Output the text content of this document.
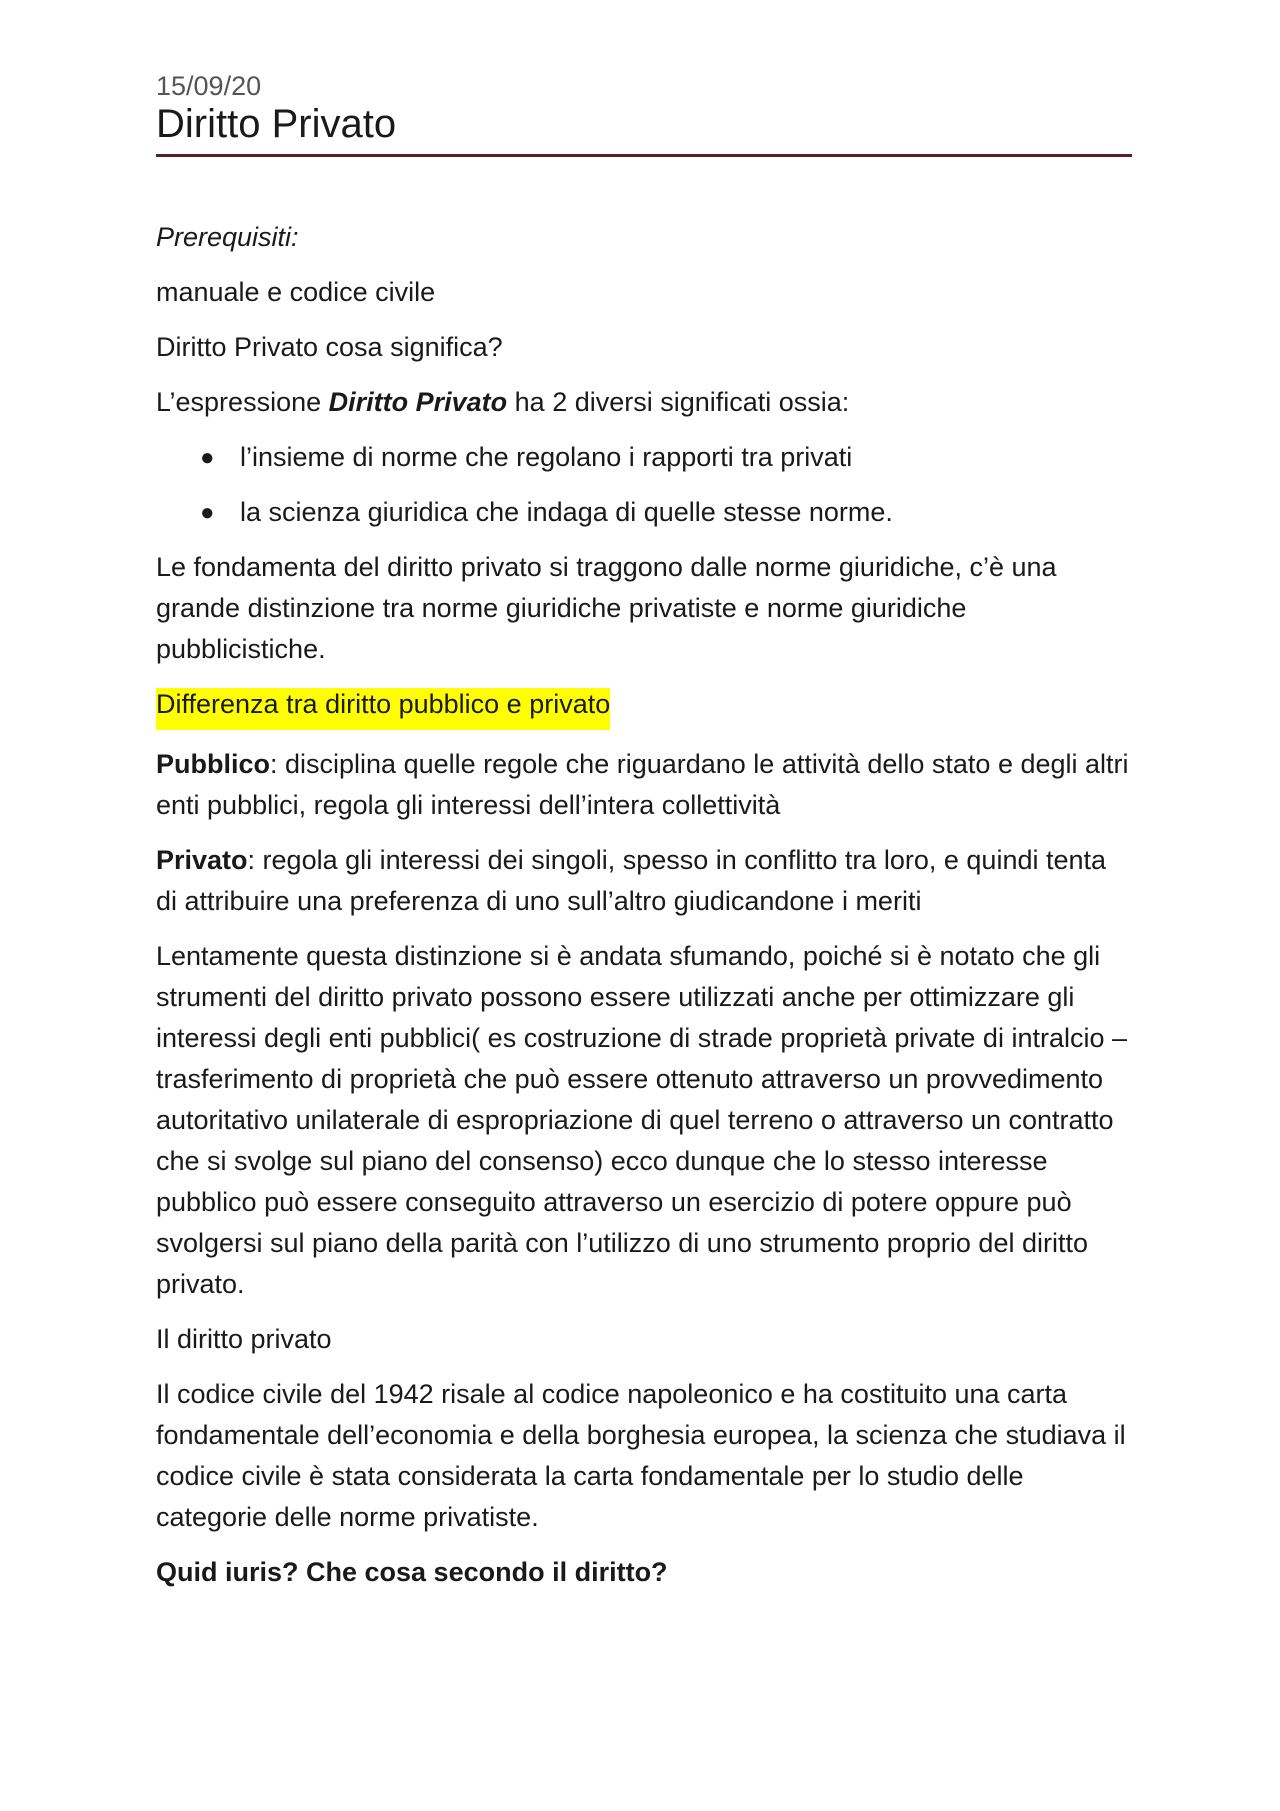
15/09/20
Diritto Privato

Prerequisiti:

manuale e codice civile

Diritto Privato cosa significa?

L’espressione Diritto Privato ha 2 diversi significati ossia:

● l’insieme di norme che regolano i rapporti tra privati
● la scienza giuridica che indaga di quelle stesse norme.

Le fondamenta del diritto privato si traggono dalle norme giuridiche, c’è una grande distinzione tra norme giuridiche privatiste e norme giuridiche pubblicistiche.

Differenza tra diritto pubblico e privato

Pubblico: disciplina quelle regole che riguardano le attività dello stato e degli altri enti pubblici, regola gli interessi dell’intera collettività

Privato: regola gli interessi dei singoli, spesso in conflitto tra loro, e quindi tenta di attribuire una preferenza di uno sull’altro giudicandone i meriti

Lentamente questa distinzione si è andata sfumando, poiché si è notato che gli strumenti del diritto privato possono essere utilizzati anche per ottimizzare gli interessi degli enti pubblici( es costruzione di strade proprietà private di intralcio – trasferimento di proprietà che può essere ottenuto attraverso un provvedimento autoritativo unilaterale di espropriazione di quel terreno o attraverso un contratto che si svolge sul piano del consenso) ecco dunque che lo stesso interesse pubblico può essere conseguito attraverso un esercizio di potere oppure può svolgersi sul piano della parità con l’utilizzo di uno strumento proprio del diritto privato.

Il diritto privato

Il codice civile del 1942 risale al codice napoleonico e ha costituito una carta fondamentale dell’economia e della borghesia europea, la scienza che studiava il codice civile è stata considerata la carta fondamentale per lo studio delle categorie delle norme privatiste.

Quid iuris? Che cosa secondo il diritto?
